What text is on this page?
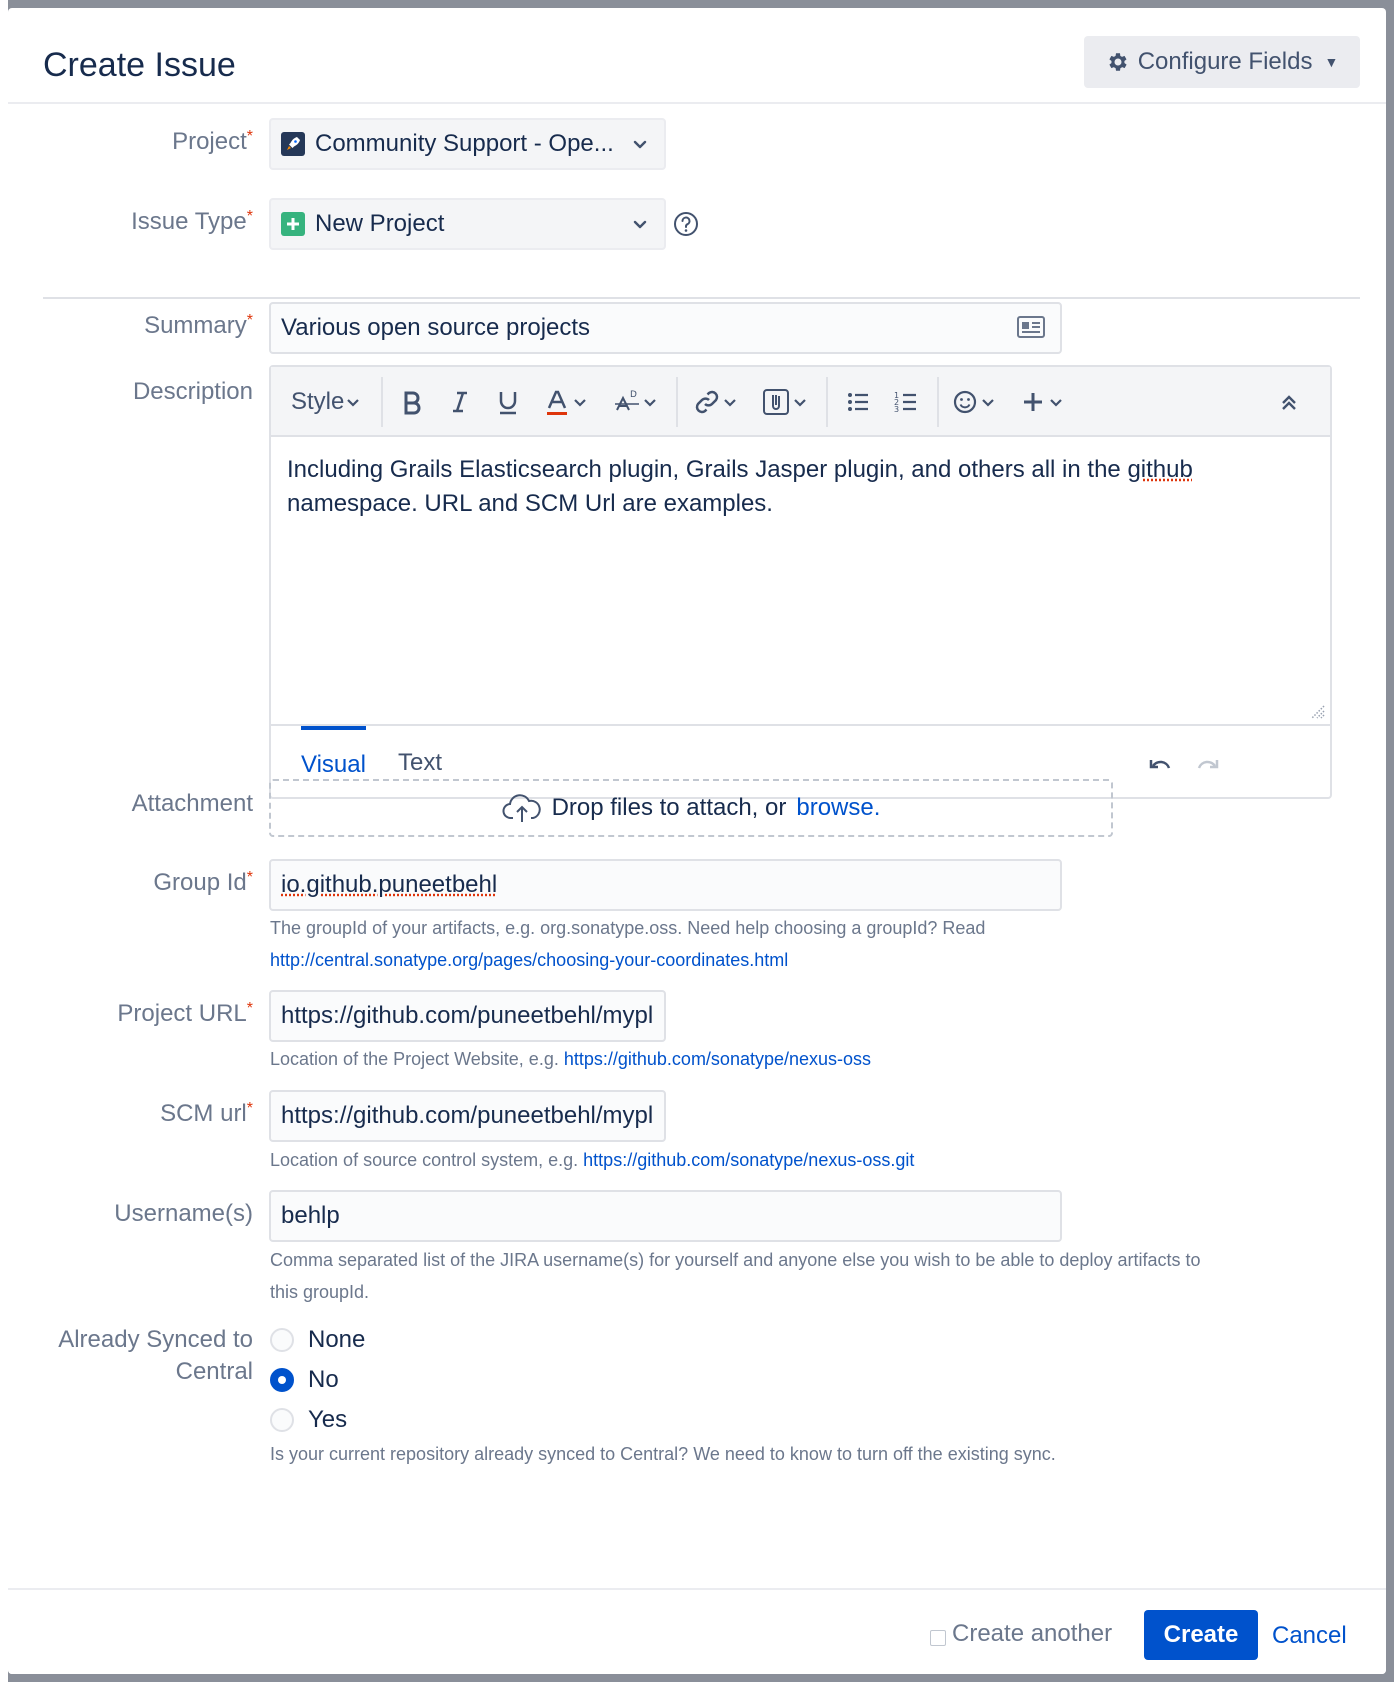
Create Issue	Configure Fields ▼
Project*	Community Support - Ope...
Issue Type*	New Project
Summary*
Various open source projects
Description Style	D	1
2
3
Including Grails Elasticsearch plugin, Grails Jasper plugin, and others all in the github namespace. URL and SCM Url are examples.
Visual Text
Attachment	Drop files to attach, or browse.
Group Id*
io.github.puneetbehl
The groupId of your artifacts, e.g. org.sonatype.oss. Need help choosing a groupId? Read
http://central.sonatype.org/pages/choosing-your-coordinates.html
Project URL*
https://github.com/puneetbehl/myplugin
Location of the Project Website, e.g. https://github.com/sonatype/nexus-oss
SCM url*
https://github.com/puneetbehl/myplugin
Location of source control system, e.g. https://github.com/sonatype/nexus-oss.git
Username(s)
behlp
Comma separated list of the JIRA username(s) for yourself and anyone else you wish to be able to deploy artifacts to
this groupId.
Already Synced to
Central
None
No
Yes
Is your current repository already synced to Central? We need to know to turn off the existing sync.
Create another	Create	Cancel
